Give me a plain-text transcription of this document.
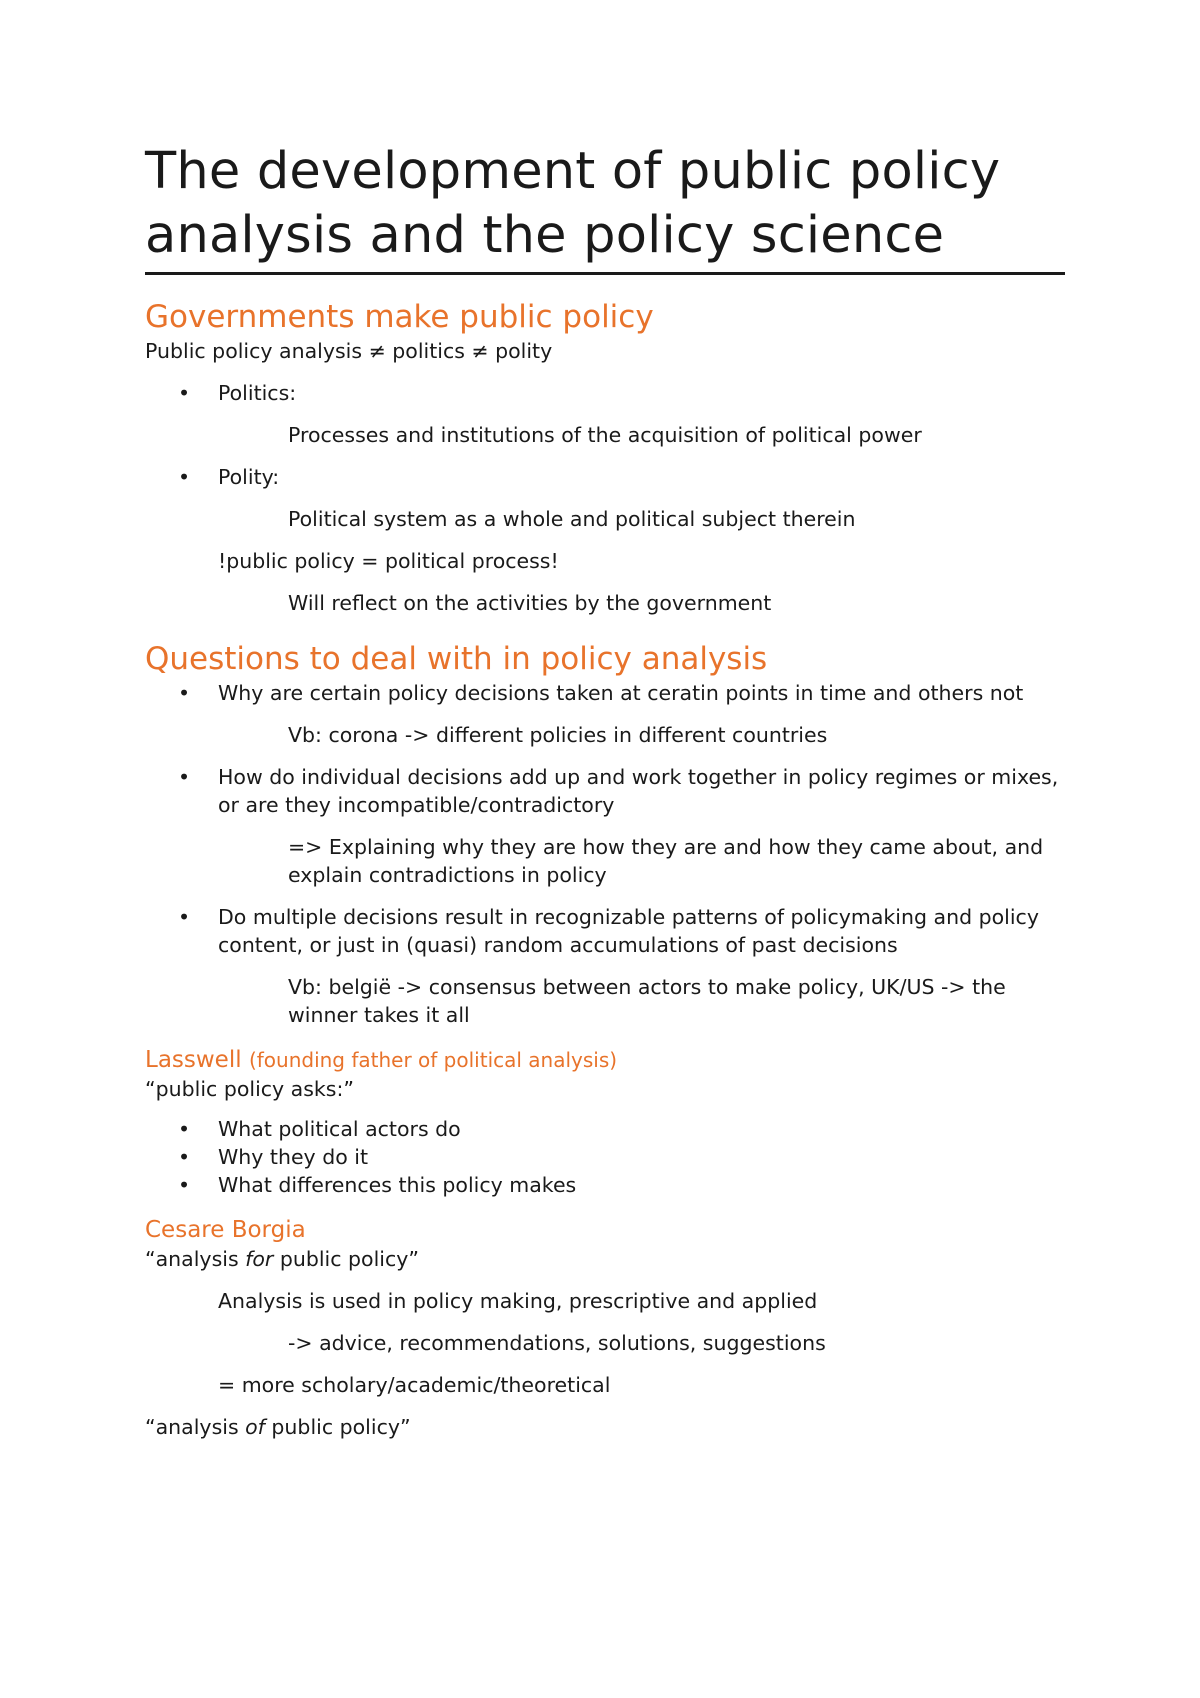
The development of public policy analysis and the policy science
Governments make public policy

Public policy analysis ≠ politics ≠ polity

• Politics:

Processes and institutions of the acquisition of political power

• Polity:

Political system as a whole and political subject therein

!public policy = political process!

Will reflect on the activities by the government

Questions to deal with in policy analysis
• Why are certain policy decisions taken at ceratin points in time and others not

Vb: corona -> different policies in different countries

• How do individual decisions add up and work together in policy regimes or mixes, or are they incompatible/contradictory

=> Explaining why they are how they are and how they came about, and explain contradictions in policy

• Do multiple decisions result in recognizable patterns of policymaking and policy content, or just in (quasi) random accumulations of past decisions

Vb: belgië -> consensus between actors to make policy, UK/US -> the winner takes it all

Lasswell (founding father of political analysis)

“public policy asks:”

• What political actors do
• Why they do it
• What differences this policy makes
Cesare Borgia

“analysis for public policy”

Analysis is used in policy making, prescriptive and applied

-> advice, recommendations, solutions, suggestions

= more scholary/academic/theoretical

“analysis of public policy”
